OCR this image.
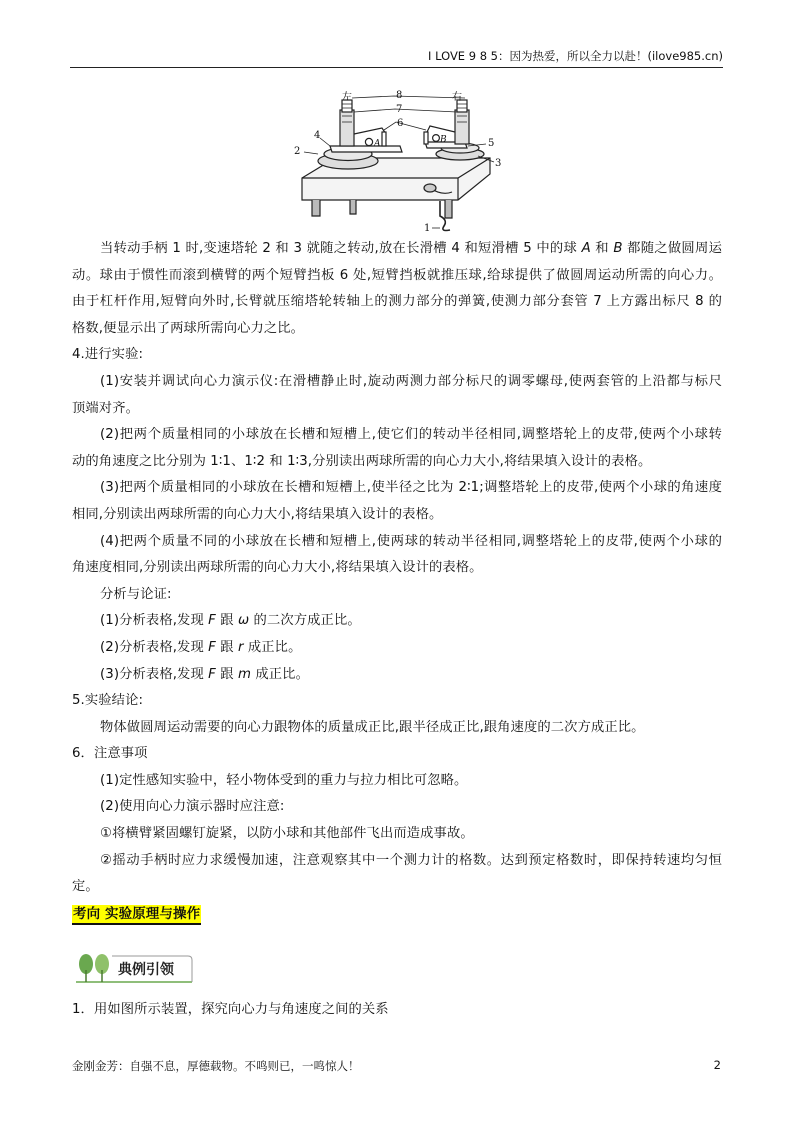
I LOVE 9 8 5：因为热爱，所以全力以赴！(ilove985.cn)
左	右
8
7
6
4
2
5
3
1
A	B
当转动手柄 1 时,变速塔轮 2 和 3 就随之转动,放在长滑槽 4 和短滑槽 5 中的球 A 和 B 都随之做圆周运
动。球由于惯性而滚到横臂的两个短臂挡板 6 处,短臂挡板就推压球,给球提供了做圆周运动所需的向心力。
由于杠杆作用,短臂向外时,长臂就压缩塔轮转轴上的测力部分的弹簧,使测力部分套管 7 上方露出标尺 8 的
格数,便显示出了两球所需向心力之比。
4.进行实验:
(1)安装并调试向心力演示仪:在滑槽静止时,旋动两测力部分标尺的调零螺母,使两套管的上沿都与标尺
顶端对齐。
(2)把两个质量相同的小球放在长槽和短槽上,使它们的转动半径相同,调整塔轮上的皮带,使两个小球转
动的角速度之比分别为 1∶1、1∶2 和 1∶3,分别读出两球所需的向心力大小,将结果填入设计的表格。
(3)把两个质量相同的小球放在长槽和短槽上,使半径之比为 2∶1;调整塔轮上的皮带,使两个小球的角速度
相同,分别读出两球所需的向心力大小,将结果填入设计的表格。
(4)把两个质量不同的小球放在长槽和短槽上,使两球的转动半径相同,调整塔轮上的皮带,使两个小球的
角速度相同,分别读出两球所需的向心力大小,将结果填入设计的表格。
分析与论证:
(1)分析表格,发现 F 跟 ω 的二次方成正比。
(2)分析表格,发现 F 跟 r 成正比。
(3)分析表格,发现 F 跟 m 成正比。
5.实验结论:
物体做圆周运动需要的向心力跟物体的质量成正比,跟半径成正比,跟角速度的二次方成正比。
6．注意事项
(1)定性感知实验中，轻小物体受到的重力与拉力相比可忽略。
(2)使用向心力演示器时应注意:
①将横臂紧固螺钉旋紧，以防小球和其他部件飞出而造成事故。
②摇动手柄时应力求缓慢加速，注意观察其中一个测力计的格数。达到预定格数时，即保持转速均匀恒
定。
考向 实验原理与操作
典例引领
1．用如图所示装置，探究向心力与角速度之间的关系
金刚金芳：自强不息，厚德载物。不鸣则已，一鸣惊人！	2
